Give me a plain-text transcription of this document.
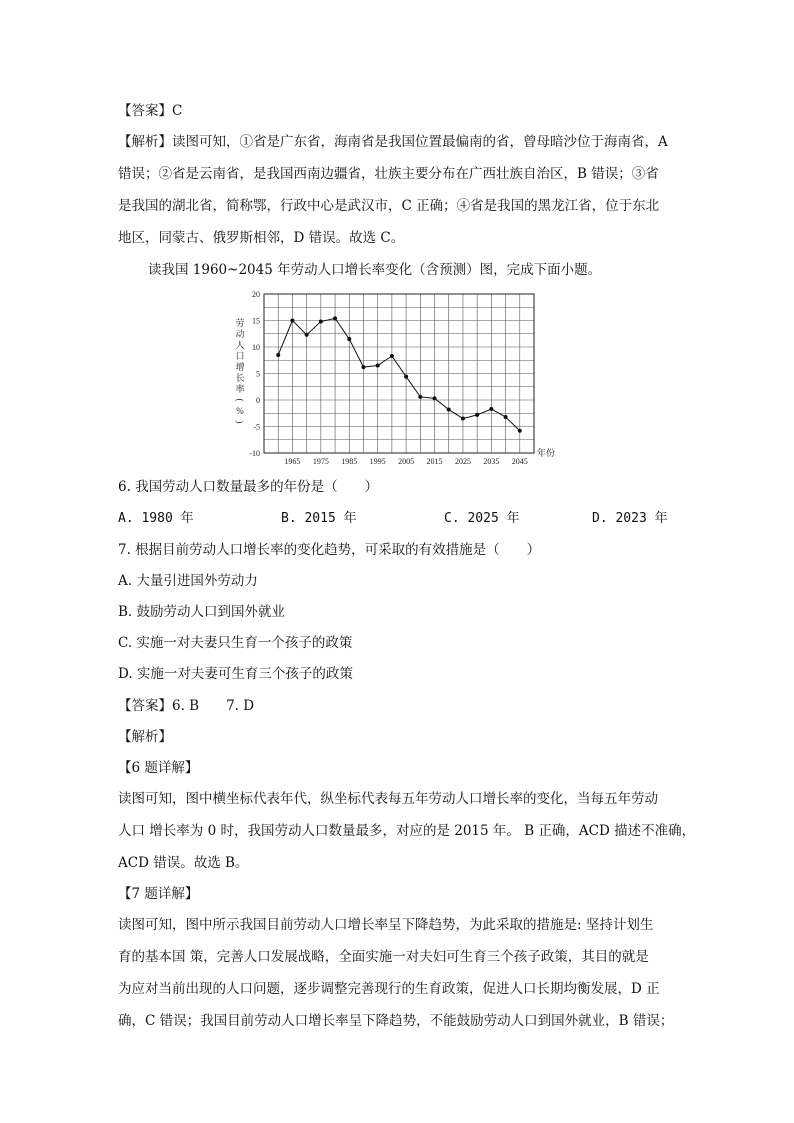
【答案】C
【解析】读图可知，①省是广东省，海南省是我国位置最偏南的省，曾母暗沙位于海南省，A
错误；②省是云南省，是我国西南边疆省，壮族主要分布在广西壮族自治区，B 错误；③省
是我国的湖北省，简称鄂，行政中心是武汉市，C 正确；④省是我国的黑龙江省，位于东北
地区，同蒙古、俄罗斯相邻，D 错误。故选 C。
读我国 1960~2045 年劳动人口增长率变化（含预测）图，完成下面小题。
20
15
10
5
0
-5
-10
1965 1975 1985 1995 2005 2015 2025 2035 2045
年份
劳
动
人
口
增
长
率
(
%
)
6. 我国劳动人口数量最多的年份是（　　）
A. 1980 年	B. 2015 年	C. 2025 年	D. 2023 年
7. 根据目前劳动人口增长率的变化趋势，可采取的有效措施是（　　）
A. 大量引进国外劳动力
B. 鼓励劳动人口到国外就业
C. 实施一对夫妻只生育一个孩子的政策
D. 实施一对夫妻可生育三个孩子的政策
【答案】6. B　　7. D
【解析】
【6 题详解】
读图可知，图中横坐标代表年代，纵坐标代表每五年劳动人口增长率的变化，当每五年劳动
人口 增长率为 0 时，我国劳动人口数量最多，对应的是 2015 年。 B 正确，ACD 描述不准确，
ACD 错误。故选 B。
【7 题详解】
读图可知，图中所示我国目前劳动人口增长率呈下降趋势，为此采取的措施是: 坚持计划生
育的基本国 策，完善人口发展战略，全面实施一对夫妇可生育三个孩子政策，其目的就是
为应对当前出现的人口问题，逐步调整完善现行的生育政策，促进人口长期均衡发展，D 正
确，C 错误；我国目前劳动人口增长率呈下降趋势，不能鼓励劳动人口到国外就业，B 错误；
